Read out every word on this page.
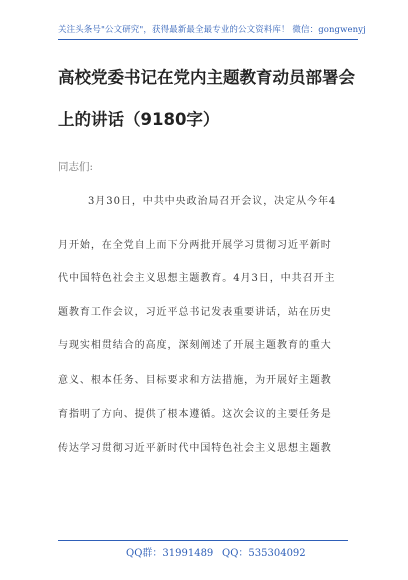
关注头条号"公文研究"，获得最新最全最专业的公文资料库！ 微信：gongwenyj
高校党委书记在党内主题教育动员部署会
上的讲话（9180字）
同志们:
3月30日，中共中央政治局召开会议，决定从今年4
月开始，在全党自上而下分两批开展学习贯彻习近平新时
代中国特色社会主义思想主题教育。4月3日，中共召开主
题教育工作会议，习近平总书记发表重要讲话，站在历史
与现实相贯结合的高度，深刻阐述了开展主题教育的重大
意义、根本任务、目标要求和方法措施，为开展好主题教
育指明了方向、提供了根本遵循。这次会议的主要任务是
传达学习贯彻习近平新时代中国特色社会主义思想主题教
QQ群：31991489 QQ：535304092
